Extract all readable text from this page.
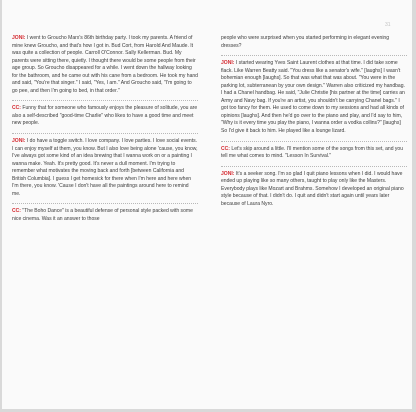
31
JONI: I went to Groucho Marx's 86th birthday party. I took my parents. A friend of mine knew Groucho, and that's how I got in. Bud Cort, from Harold And Maude. It was quite a collection of people. Carroll O'Connor. Sally Kellerman. Bud. My parents were sitting there, quietly. I thought there would be some people from their age group. So Groucho disappeared for a while. I went down the hallway looking for the bathroom, and he came out with his cane from a bedroom. He took my hand and said, "You're that singer." I said, "Yes, I am." And Groucho said, "I'm going to go pee, and then I'm going to bed, in that order."
CC: Funny that for someone who famously enjoys the pleasure of solitude, you are also a self-described "good-time Charlie" who likes to have a good time and meet new people.
JONI: I do have a toggle switch. I love company. I love parties. I love social events. I can enjoy myself at them, you know. But I also love being alone 'cause, you know, I've always got some kind of an idea brewing that I wanna work on or a painting I wanna make. Yeah. It's pretty good. It's never a dull moment. I'm trying to remember what motivates the moving back and forth [between California and British Columbia]. I guess I get homesick for there when I'm here and here when I'm there, you know. 'Cause I don't have all the paintings around here to remind me.
CC: "The Boho Dance" is a beautiful defense of personal style packed with some nice cinema. Was it an answer to those
people who were surprised when you started performing in elegant evening dresses?
JONI: I started wearing Yves Saint Laurent clothes at that time. I did take some flack. Like Warren Beatty said. "You dress like a senator's wife." [laughs] I wasn't bohemian enough [laughs]. So that was what that was about. "You were in the parking lot, subterranean by your own design." Warren also criticized my handbag. I had a Chanel handbag. He said, "Julie Christie [his partner at the time] carries an Army and Navy bag. If you're an artist, you shouldn't be carrying Chanel bags." I got too fancy for them. He used to come down to my sessions and had all kinds of opinions [laughs]. And then he'd go over to the piano and play, and I'd say to him, "Why is it every time you play the piano, I wanna order a vodka collins?" [laughs] So I'd give it back to him. He played like a lounge lizard.
CC: Let's skip around a little. I'll mention some of the songs from this set, and you tell me what comes to mind. "Lesson In Survival."
JONI: It's a seeker song. I'm so glad I quit piano lessons when I did. I would have ended up playing like so many others, taught to play only like the Masters. Everybody plays like Mozart and Brahms. Somehow I developed an original piano style because of that. I didn't do. I quit and didn't start again until years later because of Laura Nyro.
